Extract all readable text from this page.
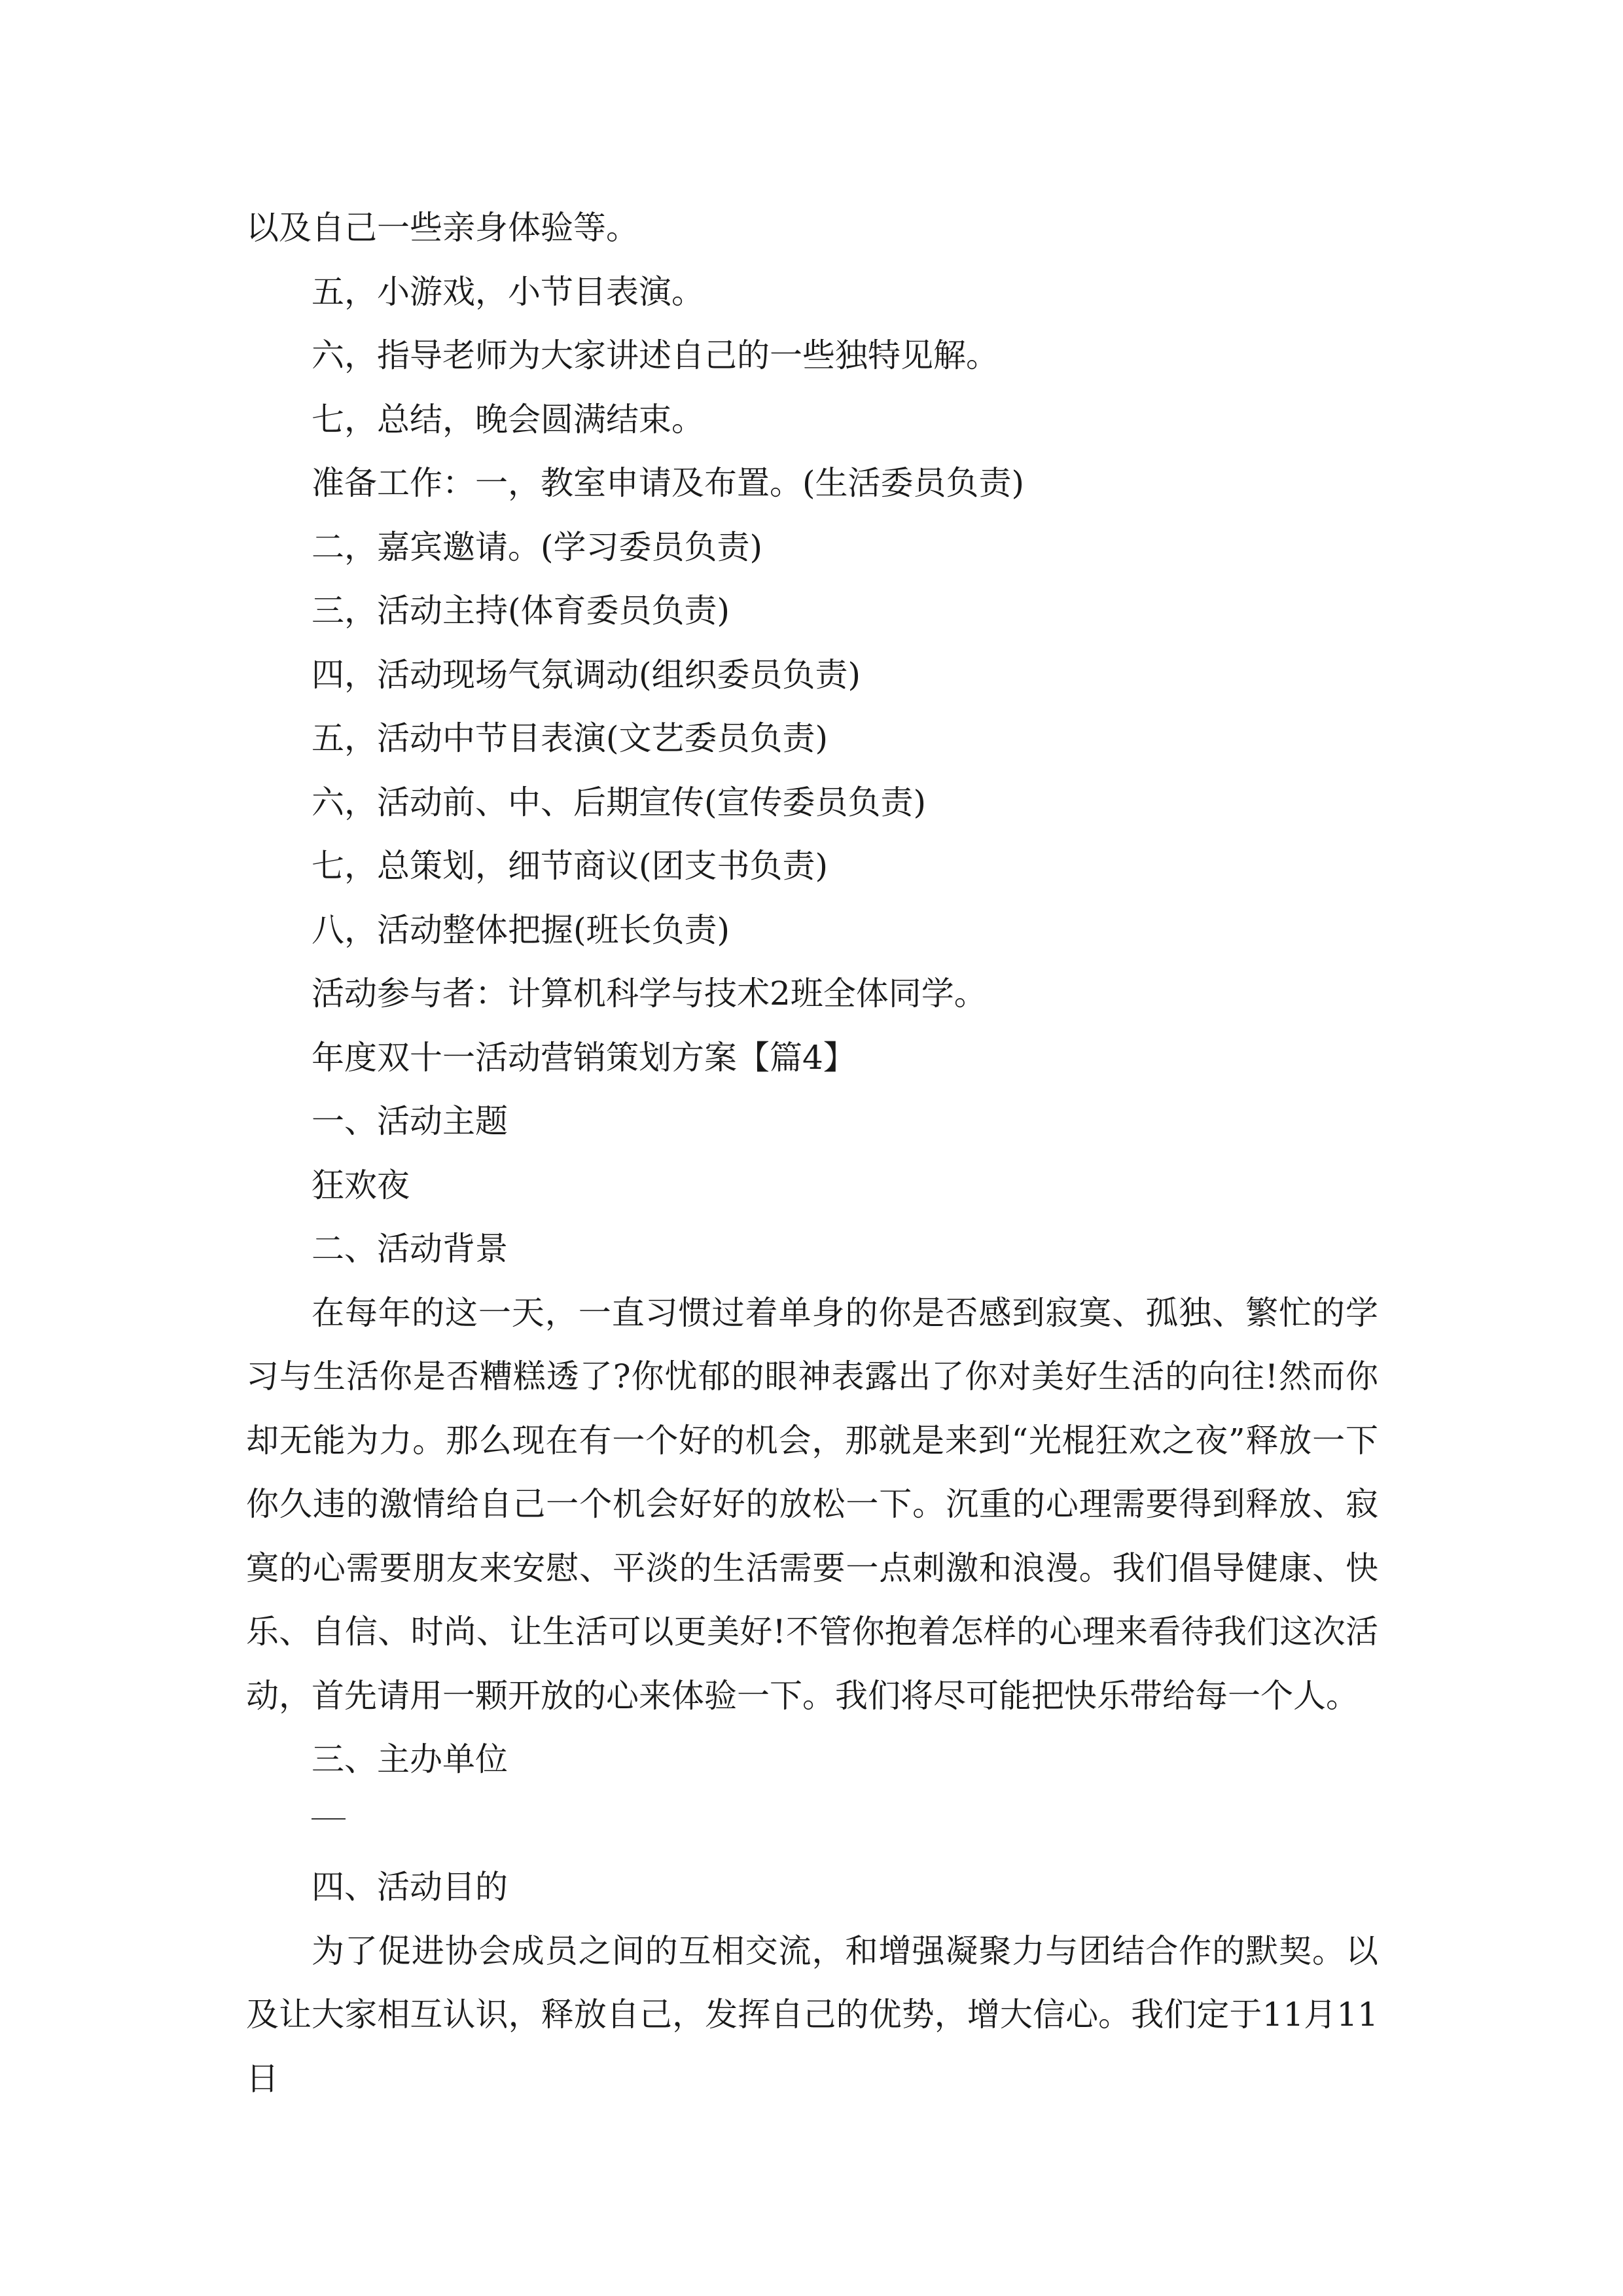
以及自己一些亲身体验等。

五，小游戏，小节目表演。

六，指导老师为大家讲述自己的一些独特见解。

七，总结，晚会圆满结束。

准备工作：一，教室申请及布置。(生活委员负责)

二，嘉宾邀请。(学习委员负责)

三，活动主持(体育委员负责)

四，活动现场气氛调动(组织委员负责)

五，活动中节目表演(文艺委员负责)

六，活动前、中、后期宣传(宣传委员负责)

七，总策划，细节商议(团支书负责)

八，活动整体把握(班长负责)

活动参与者：计算机科学与技术2班全体同学。

年度双十一活动营销策划方案【篇4】

一、活动主题

狂欢夜

二、活动背景

在每年的这一天，一直习惯过着单身的你是否感到寂寞、孤独、繁忙的学习与生活你是否糟糕透了?你忧郁的眼神表露出了你对美好生活的向往!然而你却无能为力。那么现在有一个好的机会，那就是来到“光棍狂欢之夜”释放一下你久违的激情给自己一个机会好好的放松一下。沉重的心理需要得到释放、寂寞的心需要朋友来安慰、平淡的生活需要一点刺激和浪漫。我们倡导健康、快乐、自信、时尚、让生活可以更美好!不管你抱着怎样的心理来看待我们这次活动，首先请用一颗开放的心来体验一下。我们将尽可能把快乐带给每一个人。

三、主办单位

四、活动目的

为了促进协会成员之间的互相交流，和增强凝聚力与团结合作的默契。以及让大家相互认识，释放自己，发挥自己的优势，增大信心。我们定于11月11日
